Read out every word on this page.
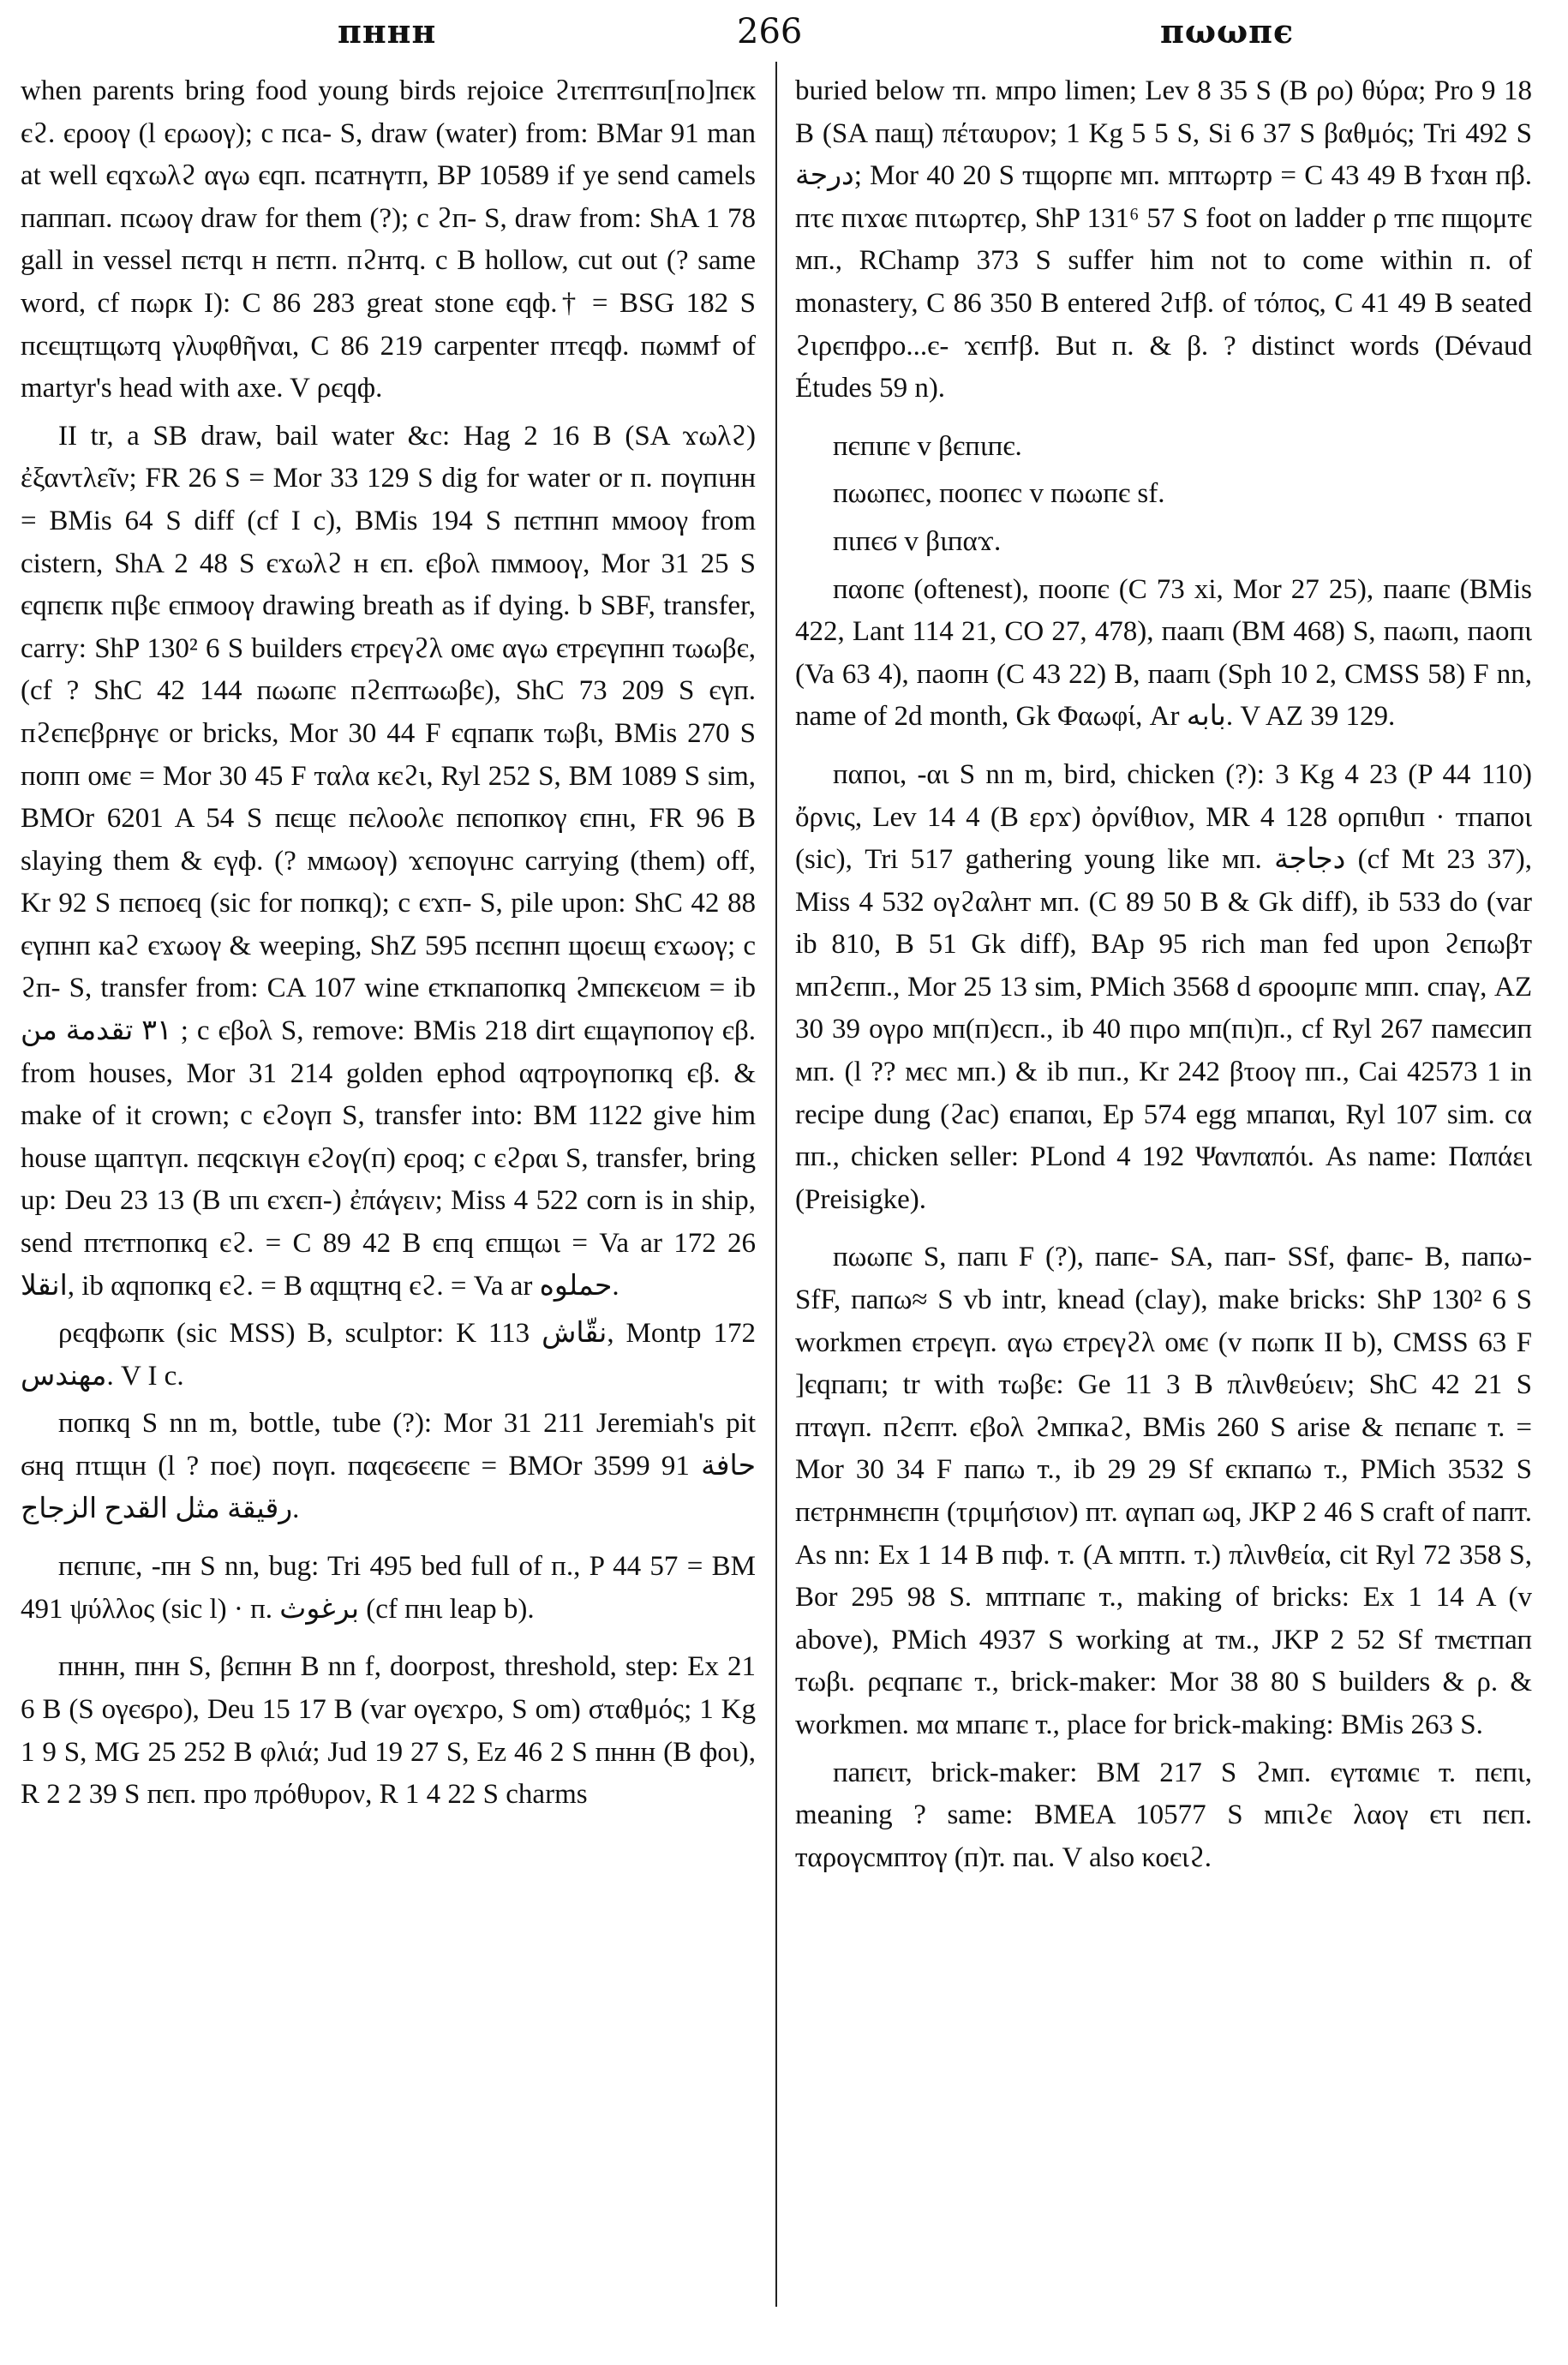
пннн	266	пωωпє

when parents bring food young birds rejoice ϩιтєптϭιп[пο]пєк єϩ. єροογ (l єρωογ); c пса- S, draw (water) from: BMar 91 man at well єqϫωλϩ αγω єqп. псатнγтп, BP 10589 if ye send camels паппап. псωογ draw for them (?); c ϩп- S, draw from: ShA 1 78 gall in vessel пєтqι н пєтп. пϩнтq. c B hollow, cut out (? same word, cf пωρк I): C 86 283 great stone єqф.† = BSG 182 S псєщтщωтq γλυφθῆναι, C 86 219 carpenter птєqф. пωммϯ of martyr's head with axe. V ρєqф.

II tr, a SB draw, bail water &c: Hag 2 16 B (SA ϫωλϩ) ἐξαντλεῖν; FR 26 S = Mor 33 129 S dig for water or п. поγпιнн = BMis 64 S diff (cf I c), BMis 194 S пєтпнп ммοογ from cistern, ShA 2 48 S єϫωλϩ н єп. єβολ пммοογ, Mor 31 25 S єqпєпк пιβє єпмοογ drawing breath as if dying. b SBF, transfer, carry: ShP 130² 6 S builders єтρєγϩλ омє αγω єтρєγпнп тωωβє, (cf ? ShC 42 144 пωωпє пϩєптωωβє), ShC 73 209 S єγп. пϩєпєβρнγє or bricks, Mor 30 44 F єqпапк тωβι, BMis 270 S попп омє = Mor 30 45 F тαλα кєϩι, Ryl 252 S, BM 1089 S sim, BMOr 6201 A 54 S пєщє пєλοολє пєпопкоγ єпнι, FR 96 B slaying them & єγф. (? ммωογ) ϫєпоγιнс carrying (them) off, Kr 92 S пєпоєq (sic for попкq); c єϫп- S, pile upon: ShC 42 88 єγпнп каϩ єϫωογ & weeping, ShZ 595 псєпнп щοєιщ єϫωογ; c ϩп- S, transfer from: CA 107 wine єтκпапопкq ϩмпєкєιом = ib ٣١ تقدمة من ; c єβολ S, remove: BMis 218 dirt єщаγпопоγ єβ. from houses, Mor 31 214 golden ephod αqтρογпопкq єβ. & make of it crown; c єϩογп S, transfer into: BM 1122 give him house щапτγп. пєqскιγн єϩογ(п) єροq; c єϩραι S, transfer, bring up: Deu 23 13 (B ιпι єϫєп-) ἐπάγειν; Miss 4 522 corn is in ship, send птєтпопкq єϩ. = C 89 42 B єпq єпщωι = Va ar 172 26 انقلا, ib αqпопкq єϩ. = B αqщтнq єϩ. = Va ar حملوه.

ρєqфωпк (sic MSS) B, sculptor: K 113 نقّاش, Montp 172 مهندس. V I c.

попкq S nn m, bottle, tube (?): Mor 31 211 Jeremiah's pit ϭнq пτщιн (l ? пοє) поγп. пαqєϭєєпє = BMOr 3599 91 حافة رقيقة مثل القدح الزجاج.

пєпιпє, -пн S nn, bug: Tri 495 bed full of п., P 44 57 = BM 491 ψύλλος (sic l) · п. برغوث (cf пнι leap b).

пннн, пнн S, βєпнн B nn f, doorpost, threshold, step: Ex 21 6 B (S оγєϭρο), Deu 15 17 B (var оγєϫρο, S om) σταθμός; 1 Kg 1 9 S, MG 25 252 B φλιά; Jud 19 27 S, Ez 46 2 S пннн (B фοι), R 2 2 39 S пєп. про πρόθυρον, R 1 4 22 S charms

buried below тп. мпро limen; Lev 8 35 S (B ρο) θύρα; Pro 9 18 B (SA пащ) πέταυρον; 1 Kg 5 5 S, Si 6 37 S βαθμός; Tri 492 S درجة; Mor 40 20 S тщορпє мп. мптωρтρ = C 43 49 B ϯϫαн пβ. пτє пιϫαє пιτωρтєρ, ShP 131⁶ 57 S foot on ladder ρ тпє пщομтє мп., RChamp 373 S suffer him not to come within п. of monastery, C 86 350 B entered ϩιϯβ. of τόπος, C 41 49 B seated ϩιρєпфρо...є- ϫєпϯβ. But п. & β. ? distinct words (Dévaud Études 59 n).

пєпιпє v βєпιпє.

пωωпєс, поопєс v пωωпє sf.

пιпєϭ v βιпαϫ.

пαопє (oftenest), поопє (C 73 xi, Mor 27 25), паапє (BMis 422, Lant 114 21, CO 27, 478), паапι (BM 468) S, паωпι, паопι (Va 63 4), паопн (C 43 22) B, паапι (Sph 10 2, CMSS 58) F nn, name of 2d month, Gk Φαωφί, Ar بابه. V AZ 39 129.

пαпοι, -αι S nn m, bird, chicken (?): 3 Kg 4 23 (P 44 110) ὄρνις, Lev 14 4 (B ερϫ) ὀρνίθιον, MR 4 128 ορпιθιп · тпапоι (sic), Tri 517 gathering young like мп. دجاجة (cf Mt 23 37), Miss 4 532 оγϩαλнт мп. (C 89 50 B & Gk diff), ib 533 do (var ib 810, B 51 Gk diff), BAp 95 rich man fed upon ϩєпωβт мпϩєпп., Mor 25 13 sim, PMich 3568 d ϭροομпє мпп. спаγ, AZ 30 39 оγρо мп(п)єсп., ib 40 пιρо мп(пι)п., cf Ryl 267 памєсип мп. (l ?? мєс мп.) & ib пιп., Kr 242 βτοογ пп., Cai 42573 1 in recipe dung (ϩас) єпапαι, Ep 574 egg мпапαι, Ryl 107 sim. cα пп., chicken seller: PLond 4 192 Ψανπαπόι. As name: Παπάει (Preisigke).

пωωпє S, папι F (?), папє- SA, пап- SSf, фапє- B, папω- SfF, папω≈ S vb intr, knead (clay), make bricks: ShP 130² 6 S workmen єтρєγп. αγω єтρєγϩλ омє (v пωпк II b), CMSS 63 F ]єqпапι; tr with тωβє: Ge 11 3 B πλινθεύειν; ShC 42 21 S птαγп. пϩєпт. єβολ ϩмпкаϩ, BMis 260 S arise & пєпапє т. = Mor 30 34 F папω т., ib 29 29 Sf єкпапω т., PMich 3532 S пєтρнмнєпн (τριμήσιον) пт. αγпап ωq, JKP 2 46 S craft of папт. As nn: Ex 1 14 B пιф. т. (A мптп. т.) πλινθεία, cit Ryl 72 358 S, Bor 295 98 S. мптпапє т., making of bricks: Ex 1 14 A (v above), PMich 4937 S working at тм., JKP 2 52 Sf тмєтпап тωβι. ρєqпапє т., brick-maker: Mor 38 80 S builders & ρ. & workmen. мα мпапє т., place for brick-making: BMis 263 S.

папєιт, brick-maker: BM 217 S ϩмп. єγтαмιє т. пєпι, meaning ? same: BMEA 10577 S мпιϩє λαογ єтι пєп. тαρογсмптоγ (п)т. паι. V also κοєιϩ.
